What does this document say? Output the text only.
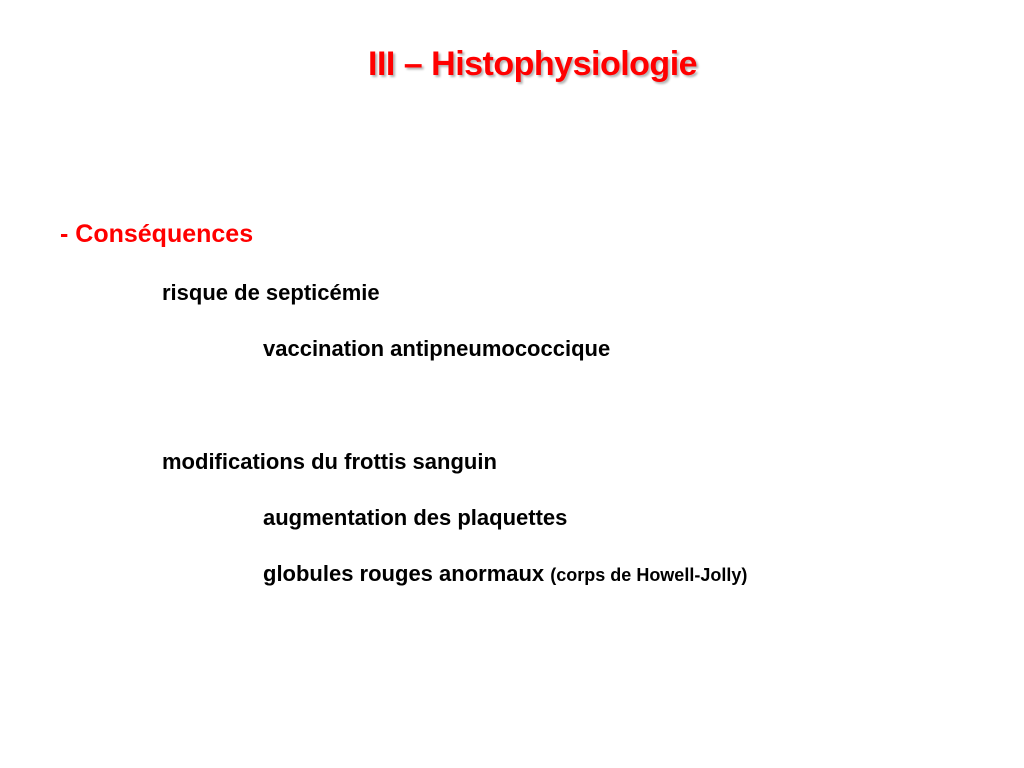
III – Histophysiologie
- Conséquences
risque de septicémie
vaccination antipneumococcique
modifications du frottis sanguin
augmentation des plaquettes
globules rouges anormaux (corps de Howell-Jolly)
